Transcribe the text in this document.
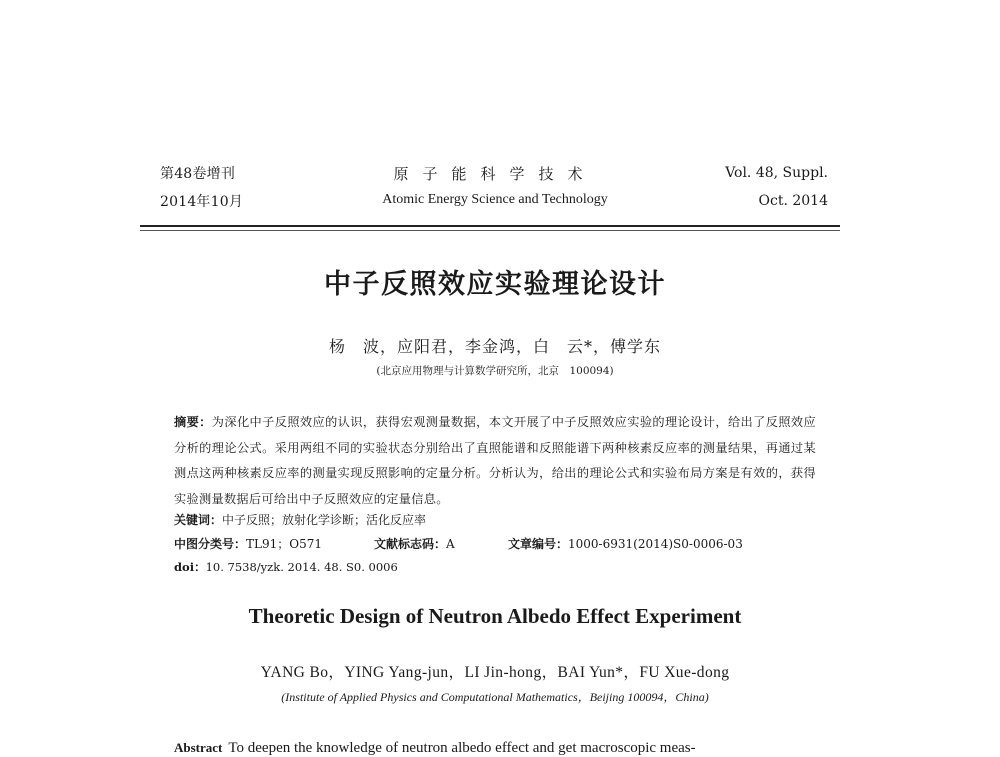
第48卷增刊
2014年10月
原子能科学技术
Atomic Energy Science and Technology
Vol. 48, Suppl.
Oct. 2014
中子反照效应实验理论设计
杨　波，应阳君，李金鸿，白　云*，傅学东
(北京应用物理与计算数学研究所，北京　100094)
摘要：为深化中子反照效应的认识，获得宏观测量数据，本文开展了中子反照效应实验的理论设计，给出了反照效应分析的理论公式。采用两组不同的实验状态分别给出了直照能谱和反照能谱下两种核素反应率的测量结果，再通过某测点这两种核素反应率的测量实现反照影响的定量分析。分析认为，给出的理论公式和实验布局方案是有效的，获得实验测量数据后可给出中子反照效应的定量信息。
关键词：中子反照；放射化学诊断；活化反应率
中图分类号：TL91；O571	文献标志码：A	文章编号：1000-6931(2014)S0-0006-03
doi：10. 7538/yzk. 2014. 48. S0. 0006
Theoretic Design of Neutron Albedo Effect Experiment
YANG Bo，YING Yang-jun，LI Jin-hong，BAI Yun*，FU Xue-dong
(Institute of Applied Physics and Computational Mathematics，Beijing 100094，China)
Abstract To deepen the knowledge of neutron albedo effect and get macroscopic meas-
